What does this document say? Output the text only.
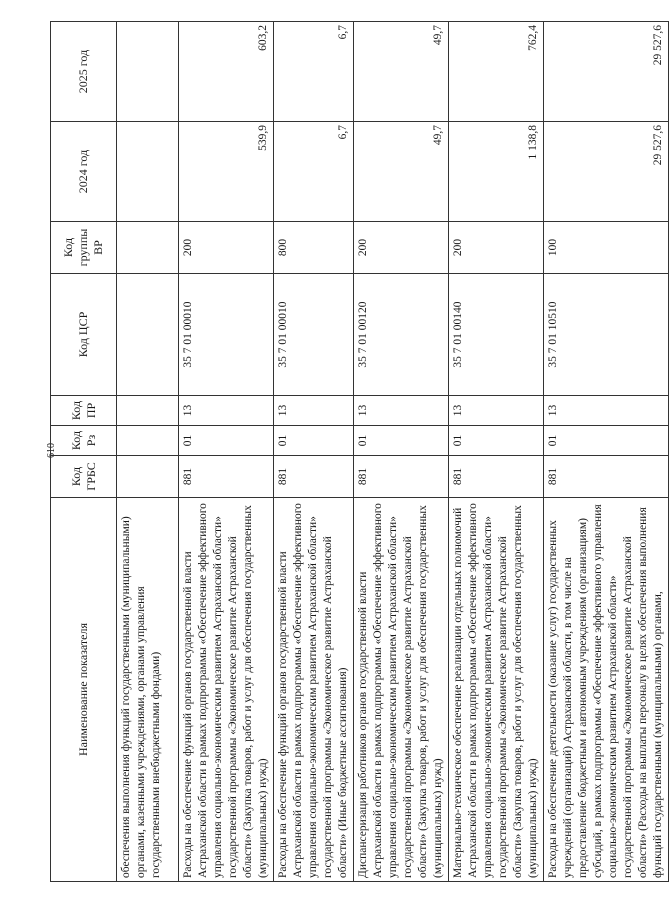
610
Наименование показателя	Код ГРБС	Код Рз	Код ПР	Код ЦСР	Код группы ВР	2024 год	2025 год
обеспечения выполнения функций государственными (муниципальными) органами, казенными учреждениями, органами управления государственными внебюджетными фондами)							
Расходы на обеспечение функций органов государственной власти Астраханской области в рамках подпрограммы «Обеспечение эффективного управления социально-экономическим развитием Астраханской области» государственной программы «Экономическое развитие Астраханской области» (Закупка товаров, работ и услуг для обеспечения государственных (муниципальных) нужд)	881	01	13	35 7 01 00010	200	539,9	603,2
Расходы на обеспечение функций органов государственной власти Астраханской области в рамках подпрограммы «Обеспечение эффективного управления социально-экономическим развитием Астраханской области» государственной программы «Экономическое развитие Астраханской области» (Иные бюджетные ассигнования)	881	01	13	35 7 01 00010	800	6,7	6,7
Диспансеризация работников органов государственной власти Астраханской области в рамках подпрограммы «Обеспечение эффективного управления социально-экономическим развитием Астраханской области» государственной программы «Экономическое развитие Астраханской области» (Закупка товаров, работ и услуг для обеспечения государственных (муниципальных) нужд)	881	01	13	35 7 01 00120	200	49,7	49,7
Материально-техническое обеспечение реализации отдельных полномочий Астраханской области в рамках подпрограммы «Обеспечение эффективного управления социально-экономическим развитием Астраханской области» государственной программы «Экономическое развитие Астраханской области» (Закупка товаров, работ и услуг для обеспечения государственных (муниципальных) нужд)	881	01	13	35 7 01 00140	200	1 138,8	762,4
Расходы на обеспечение деятельности (оказание услуг) государственных учреждений (организаций) Астраханской области, в том числе на предоставление бюджетным и автономным учреждениям (организациям) субсидий, в рамках подпрограммы «Обеспечение эффективного управления социально-экономическим развитием Астраханской области» государственной программы «Экономическое развитие Астраханской области» (Расходы на выплаты персоналу в целях обеспечения выполнения функций государственными (муниципальными) органами,	881	01	13	35 7 01 10510	100	29 527,6	29 527,6
